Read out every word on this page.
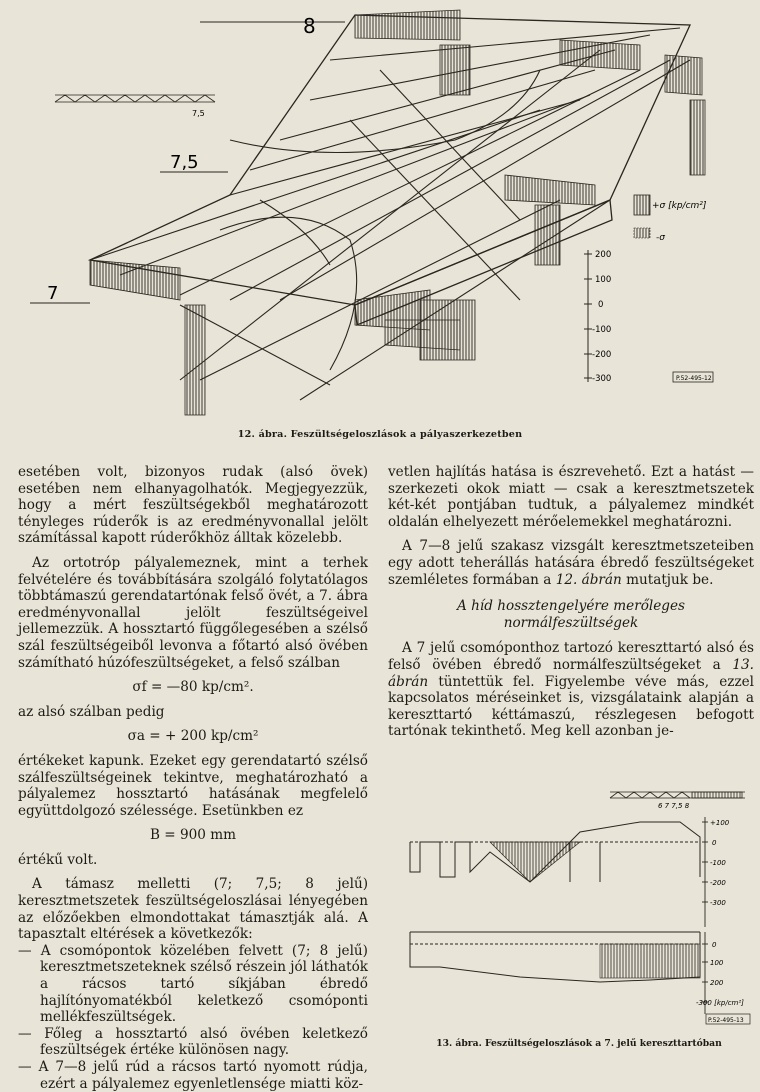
7,5
8
7,5
7
+σ [kp/cm²]
-σ
200
100
0
-100
-200
-300	P.52-495-12
12. ábra. Feszültségeloszlások a pályaszerkezetben

esetében volt, bizonyos rudak (alsó övek) esetében nem elhanyagolhatók. Megjegyezzük, hogy a mért feszültségekből meghatározott tényleges rúderők is az eredményvonallal jelölt számítással kapott rúderőkhöz álltak közelebb.

Az ortotróp pályalemeznek, mint a terhek felvételére és továbbítására szolgáló folytatólagos többtámaszú gerendatartónak felső övét, a 7. ábra eredményvonallal jelölt feszültségeivel jellemezzük. A hossztartó függőlegesében a szélső szál feszültségeiből levonva a főtartó alsó övében számítható húzófeszültségeket, a felső szálban

σf = —80 kp/cm².

az alsó szálban pedig

σa = + 200 kp/cm²

értékeket kapunk. Ezeket egy gerendatartó szélső szálfeszültségeinek tekintve, meghatározható a pályalemez hossztartó hatásának megfelelő együttdolgozó szélessége. Esetünkben ez

B = 900 mm

értékű volt.

A támasz melletti (7; 7,5; 8 jelű) keresztmetszetek feszültségeloszlásai lényegében az előzőekben elmondottakat támasztják alá. A tapasztalt eltérések a következők:

— A csomópontok közelében felvett (7; 8 jelű) keresztmetszeteknek szélső részein jól láthatók a rácsos tartó síkjában ébredő hajlítónyomatékból keletkező csomóponti mellékfeszültségek.
— Főleg a hossztartó alsó övében keletkező feszültségek értéke különösen nagy.
— A 7—8 jelű rúd a rácsos tartó nyomott rúdja, ezért a pályalemez egyenletlensége miatti köz-

vetlen hajlítás hatása is észrevehető. Ezt a hatást — szerkezeti okok miatt — csak a keresztmetszetek két-két pontjában tudtuk, a pályalemez mindkét oldalán elhelyezett mérőelemekkel meghatározni.

A 7—8 jelű szakasz vizsgált keresztmetszeteiben egy adott teherállás hatására ébredő feszültségeket szemléletes formában a 12. ábrán mutatjuk be.

A híd hossztengelyére merőleges normálfeszültségek

A 7 jelű csomóponthoz tartozó kereszttartó alsó és felső övében ébredő normálfeszültségeket a 13. ábrán tüntettük fel. Figyelembe véve más, ezzel kapcsolatos méréseinket is, vizsgálataink alapján a kereszttartó kéttámaszú, részlegesen befogott tartónak tekinthető. Meg kell azonban je-

6 7 7,5 8
+100
0
-100
-200
-300
0
100
200
-300 [kp/cm²]
P.52-495-13
13. ábra. Feszültségeloszlások a 7. jelű kereszttartóban
